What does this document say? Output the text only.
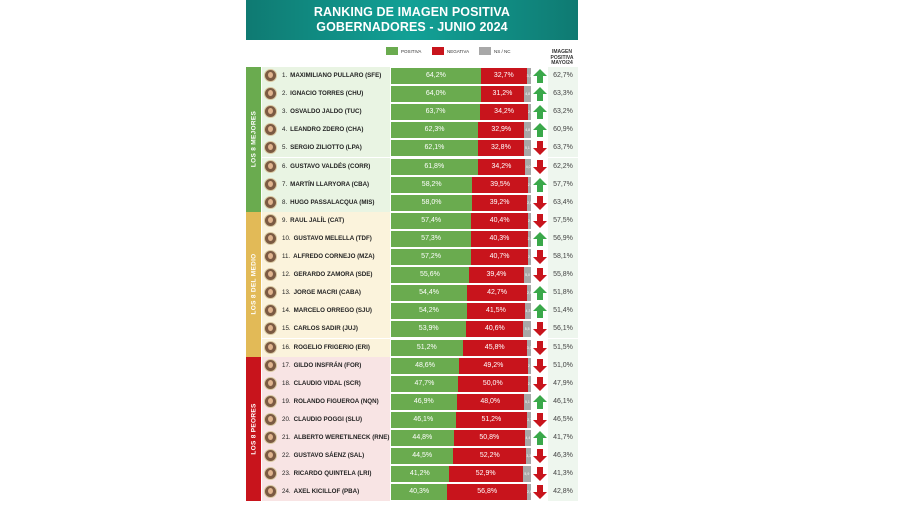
RANKING DE IMAGEN POSITIVA
GOBERNADORES - JUNIO 2024
POSITIVA	NEGATIVA	NS / NC	IMAGEN POSITIVA MAYO/24
1. MAXIMILIANO PULLARO (SFE)	64,2%	32,7%	3,1	62,7%
2. IGNACIO TORRES (CHU)	64,0%	31,2%	4,8	63,3%
3. OSVALDO JALDO (TUC)	63,7%	34,2%	2,1	63,2%
4. LEANDRO ZDERO (CHA)	62,3%	32,9%	4,8	60,9%
5. SERGIO ZILIOTTO (LPA)	62,1%	32,8%	5,1	63,7%
6. GUSTAVO VALDÉS (CORR)	61,8%	34,2%	4,0	62,2%
7. MARTÍN LLARYORA (CBA)	58,2%	39,5%	2,3	57,7%
8. HUGO PASSALACQUA (MIS)	58,0%	39,2%	2,8	63,4%
9. RAUL JALÍL (CAT)	57,4%	40,4%	2,2	57,5%
10. GUSTAVO MELELLA (TDF)	57,3%	40,3%	2,4	56,9%
11. ALFREDO CORNEJO (MZA)	57,2%	40,7%	2,1	58,1%
12. GERARDO ZAMORA (SDE)	55,6%	39,4%	5,0	55,8%
13. JORGE MACRI (CABA)	54,4%	42,7%	2,9	51,8%
14. MARCELO ORREGO (SJU)	54,2%	41,5%	4,3	51,4%
15. CARLOS SADIR (JUJ)	53,9%	40,6%	5,5	56,1%
16. ROGELIO FRIGERIO (ERI)	51,2%	45,8%	3,0	51,5%
17. GILDO INSFRÁN (FOR)	48,6%	49,2%	2,2	51,0%
18. CLAUDIO VIDAL (SCR)	47,7%	50,0%	2,3	47,9%
19. ROLANDO FIGUEROA (NQN)	46,9%	48,0%	5,1	46,1%
20. CLAUDIO POGGI (SLU)	46,1%	51,2%	2,7	46,5%
21. ALBERTO WERETILNECK (RNE)	44,8%	50,8%	4,4	41,7%
22. GUSTAVO SÁENZ (SAL)	44,5%	52,2%	3,3	46,3%
23. RICARDO QUINTELA (LRI)	41,2%	52,9%	5,9	41,3%
24. AXEL KICILLOF (PBA)	40,3%	56,8%	2,9	42,8%
LOS 8 MEJORES
LOS 8 DEL MEDIO
LOS 8 PEORES
